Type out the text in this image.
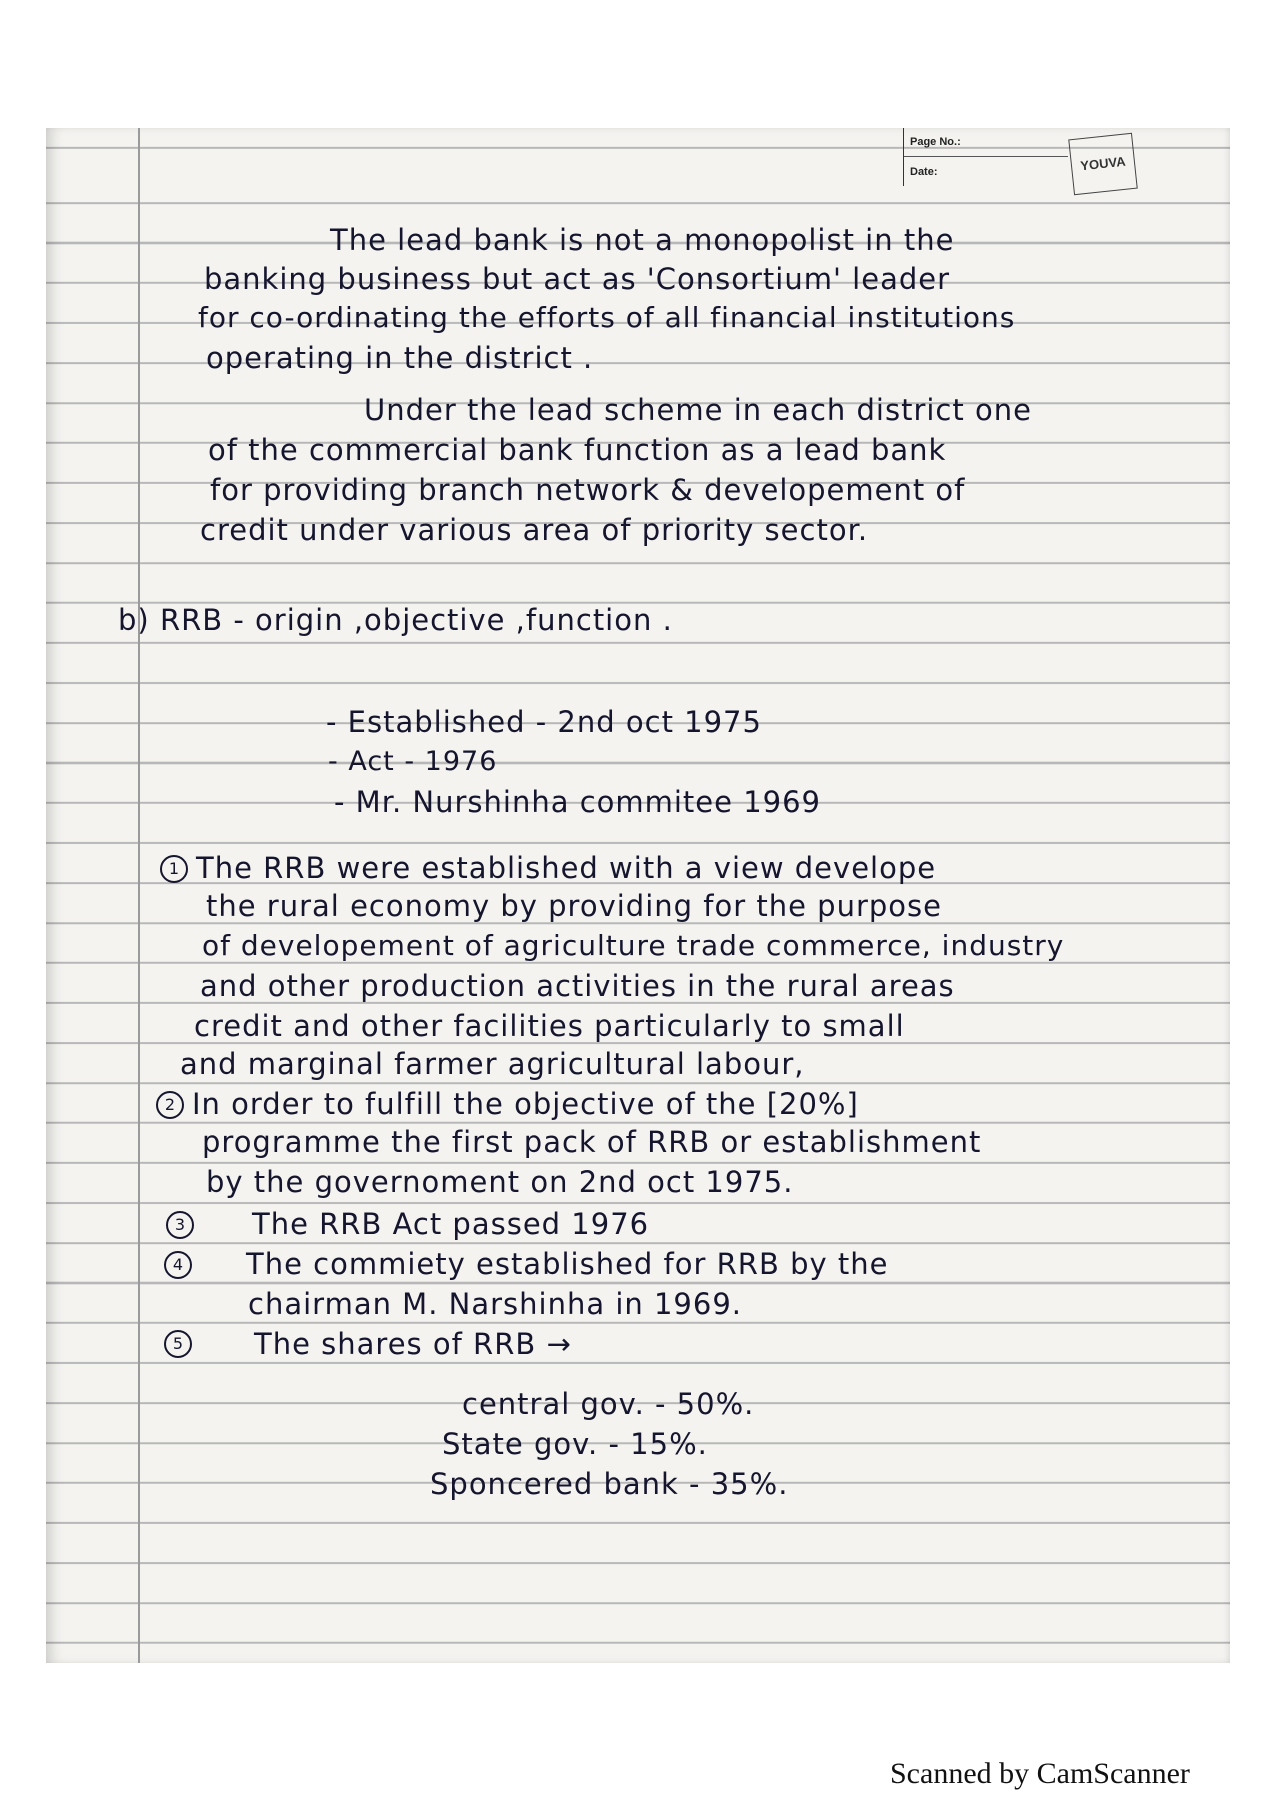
Page No.:
Date:	YOUVA
The lead bank is not a monopolist in the
banking business but act as 'Consortium' leader
for co-ordinating the efforts of all financial institutions
operating in the district .
Under the lead scheme in each district one
of the commercial bank function as a lead bank
for providing branch network & developement of
credit under various area of priority sector.
b) RRB - origin ,objective ,function .
- Established - 2nd oct 1975
- Act - 1976
- Mr. Nurshinha commitee 1969
1 The RRB were established with a view develope
the rural economy by providing for the purpose
of developement of agriculture trade commerce, industry
and other production activities in the rural areas
credit and other facilities particularly to small
and marginal farmer agricultural labour,
2 In order to fulfill the objective of the [20%]
programme the first pack of RRB or establishment
by the governoment on 2nd oct 1975.
3	The RRB Act passed 1976
4	The commiety established for RRB by the
chairman M. Narshinha in 1969.
5	The shares of RRB →
central gov. - 50%.
State gov. - 15%.
Sponcered bank - 35%.
Scanned by CamScanner
